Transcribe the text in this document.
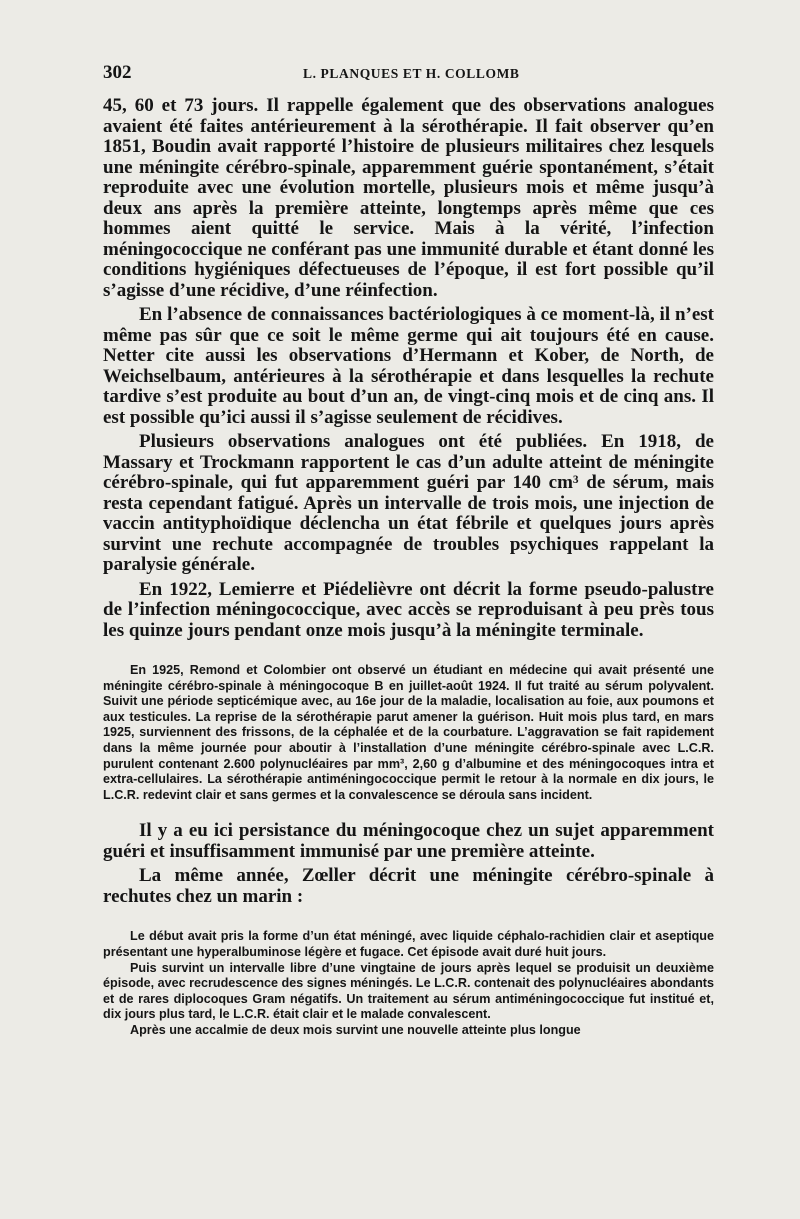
302	L. PLANQUES ET H. COLLOMB

45, 60 et 73 jours. Il rappelle également que des observations analogues avaient été faites antérieurement à la sérothérapie. Il fait observer qu’en 1851, Boudin avait rapporté l’histoire de plusieurs militaires chez lesquels une méningite cérébro-spinale, apparemment guérie spontanément, s’était reproduite avec une évolution mortelle, plusieurs mois et même jusqu’à deux ans après la première atteinte, longtemps après même que ces hommes aient quitté le service. Mais à la vérité, l’infection méningococcique ne conférant pas une immunité durable et étant donné les conditions hygiéniques défectueuses de l’époque, il est fort possible qu’il s’agisse d’une récidive, d’une réinfection.

En l’absence de connaissances bactériologiques à ce moment-là, il n’est même pas sûr que ce soit le même germe qui ait toujours été en cause. Netter cite aussi les observations d’Hermann et Kober, de North, de Weichselbaum, antérieures à la sérothérapie et dans lesquelles la rechute tardive s’est produite au bout d’un an, de vingt-cinq mois et de cinq ans. Il est possible qu’ici aussi il s’agisse seulement de récidives.

Plusieurs observations analogues ont été publiées. En 1918, de Massary et Trockmann rapportent le cas d’un adulte atteint de méningite cérébro-spinale, qui fut apparemment guéri par 140 cm³ de sérum, mais resta cependant fatigué. Après un intervalle de trois mois, une injection de vaccin antityphoïdique déclencha un état fébrile et quelques jours après survint une rechute accompagnée de troubles psychiques rappelant la paralysie générale.

En 1922, Lemierre et Piédelièvre ont décrit la forme pseudo-palustre de l’infection méningococcique, avec accès se reproduisant à peu près tous les quinze jours pendant onze mois jusqu’à la méningite terminale.

En 1925, Remond et Colombier ont observé un étudiant en médecine qui avait présenté une méningite cérébro-spinale à méningocoque B en juillet-août 1924. Il fut traité au sérum polyvalent. Suivit une période septicémique avec, au 16e jour de la maladie, localisation au foie, aux poumons et aux testicules. La reprise de la sérothérapie parut amener la guérison. Huit mois plus tard, en mars 1925, surviennent des frissons, de la céphalée et de la courbature. L’aggravation se fait rapidement dans la même journée pour aboutir à l’installation d’une méningite cérébro-spinale avec L.C.R. purulent contenant 2.600 polynucléaires par mm³, 2,60 g d’albumine et des méningocoques intra et extra-cellulaires. La sérothérapie antiméningococcique permit le retour à la normale en dix jours, le L.C.R. redevint clair et sans germes et la convalescence se déroula sans incident.

Il y a eu ici persistance du méningocoque chez un sujet apparemment guéri et insuffisamment immunisé par une première atteinte.

La même année, Zœller décrit une méningite cérébro-spinale à rechutes chez un marin :

Le début avait pris la forme d’un état méningé, avec liquide céphalo-rachidien clair et aseptique présentant une hyperalbuminose légère et fugace. Cet épisode avait duré huit jours.

Puis survint un intervalle libre d’une vingtaine de jours après lequel se produisit un deuxième épisode, avec recrudescence des signes méningés. Le L.C.R. contenait des polynucléaires abondants et de rares diplocoques Gram négatifs. Un traitement au sérum antiméningococcique fut institué et, dix jours plus tard, le L.C.R. était clair et le malade convalescent.

Après une accalmie de deux mois survint une nouvelle atteinte plus longue
